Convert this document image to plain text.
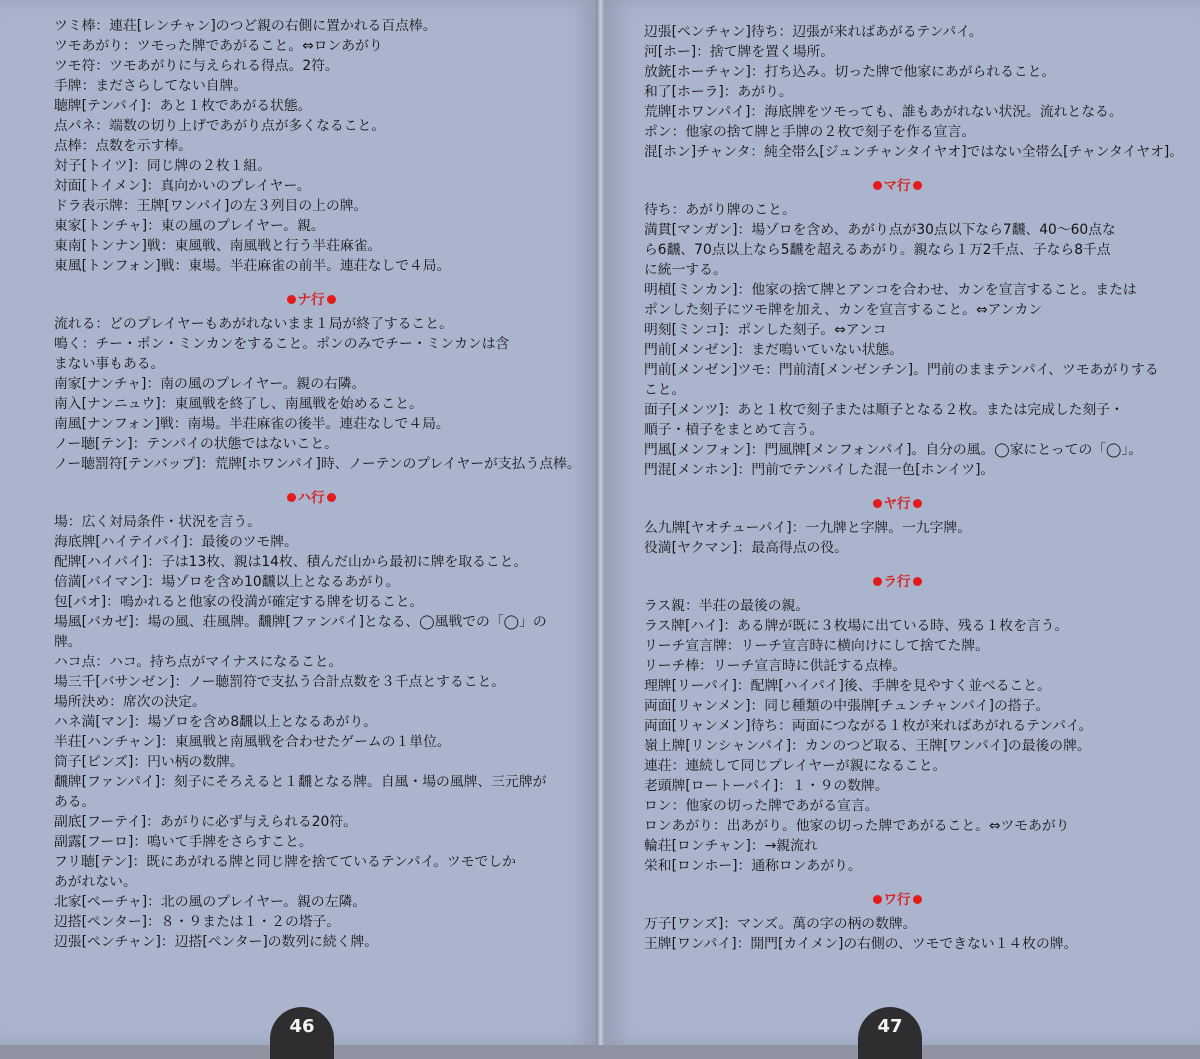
ツミ棒：連荘[レンチャン]のつど親の右側に置かれる百点棒。

ツモあがり：ツモった牌であがること。⇔ロンあがり

ツモ符：ツモあがりに与えられる得点。2符。

手牌：まださらしてない自牌。

聴牌[テンパイ]：あと１枚であがる状態。

点パネ：端数の切り上げであがり点が多くなること。

点棒：点数を示す棒。

対子[トイツ]：同じ牌の２枚１組。

対面[トイメン]：真向かいのプレイヤー。

ドラ表示牌：王牌[ワンパイ]の左３列目の上の牌。

東家[トンチャ]：東の風のプレイヤー。親。

東南[トンナン]戦：東風戦、南風戦と行う半荘麻雀。

東風[トンフォン]戦：東場。半荘麻雀の前半。連荘なしで４局。

ナ行

流れる：どのプレイヤーもあがれないまま１局が終了すること。

鳴く：チー・ポン・ミンカンをすること。ポンのみでチー・ミンカンは含

まない事もある。

南家[ナンチャ]：南の風のプレイヤー。親の右隣。

南入[ナンニュウ]：東風戦を終了し、南風戦を始めること。

南風[ナンフォン]戦：南場。半荘麻雀の後半。連荘なしで４局。

ノー聴[テン]：テンパイの状態ではないこと。

ノー聴罰符[テンバップ]：荒牌[ホワンパイ]時、ノーテンのプレイヤーが支払う点棒。

ハ行

場：広く対局条件・状況を言う。

海底牌[ハイテイパイ]：最後のツモ牌。

配牌[ハイパイ]：子は13枚、親は14枚、積んだ山から最初に牌を取ること。

倍満[バイマン]：場ゾロを含め10飜以上となるあがり。

包[パオ]：鳴かれると他家の役満が確定する牌を切ること。

場風[バカゼ]：場の風、荘風牌。飜牌[ファンパイ]となる、◯風戦での「◯」の

牌。

ハコ点：ハコ。持ち点がマイナスになること。

場三千[バサンゼン]：ノー聴罰符で支払う合計点数を３千点とすること。

場所決め：席次の決定。

ハネ満[マン]：場ゾロを含め8飜以上となるあがり。

半荘[ハンチャン]：東風戦と南風戦を合わせたゲームの１単位。

筒子[ピンズ]：円い柄の数牌。

飜牌[ファンパイ]：刻子にそろえると１飜となる牌。自風・場の風牌、三元牌が

ある。

副底[フーテイ]：あがりに必ず与えられる20符。

副露[フーロ]：鳴いて手牌をさらすこと。

フリ聴[テン]：既にあがれる牌と同じ牌を捨てているテンパイ。ツモでしか

あがれない。

北家[ペーチャ]：北の風のプレイヤー。親の左隣。

辺搭[ペンター]：８・９または１・２の塔子。

辺張[ペンチャン]：辺搭[ペンター]の数列に続く牌。

46

辺張[ペンチャン]待ち：辺張が来ればあがるテンパイ。

河[ホー]：捨て牌を置く場所。

放銃[ホーチャン]：打ち込み。切った牌で他家にあがられること。

和了[ホーラ]：あがり。

荒牌[ホワンパイ]：海底牌をツモっても、誰もあがれない状況。流れとなる。

ポン：他家の捨て牌と手牌の２枚で刻子を作る宣言。

混[ホン]チャンタ：純全帯么[ジュンチャンタイヤオ]ではない全帯么[チャンタイヤオ]。

マ行

待ち：あがり牌のこと。

満貫[マンガン]：場ゾロを含め、あがり点が30点以下なら7飜、40～60点な

ら6飜、70点以上なら5飜を超えるあがり。親なら１万2千点、子なら8千点

に統一する。

明槓[ミンカン]：他家の捨て牌とアンコを合わせ、カンを宣言すること。または

ポンした刻子にツモ牌を加え、カンを宣言すること。⇔アンカン

明刻[ミンコ]：ポンした刻子。⇔アンコ

門前[メンゼン]：まだ鳴いていない状態。

門前[メンゼン]ツモ：門前清[メンゼンチン]。門前のままテンパイ、ツモあがりする

こと。

面子[メンツ]：あと１枚で刻子または順子となる２枚。または完成した刻子・

順子・槓子をまとめて言う。

門風[メンフォン]：門風牌[メンフォンパイ]。自分の風。◯家にとっての「◯」。

門混[メンホン]：門前でテンパイした混一色[ホンイツ]。

ヤ行

么九牌[ヤオチューパイ]：一九牌と字牌。一九字牌。

役満[ヤクマン]：最高得点の役。

ラ行

ラス親：半荘の最後の親。

ラス牌[ハイ]：ある牌が既に３枚場に出ている時、残る１枚を言う。

リーチ宣言牌：リーチ宣言時に横向けにして捨てた牌。

リーチ棒：リーチ宣言時に供託する点棒。

理牌[リーパイ]：配牌[ハイパイ]後、手牌を見やすく並べること。

両面[リャンメン]：同じ種類の中張牌[チュンチャンパイ]の搭子。

両面[リャンメン]待ち：両面につながる１枚が来ればあがれるテンパイ。

嶺上牌[リンシャンパイ]：カンのつど取る、王牌[ワンパイ]の最後の牌。

連荘：連続して同じプレイヤーが親になること。

老頭牌[ロートーパイ]：１・９の数牌。

ロン：他家の切った牌であがる宣言。

ロンあがり：出あがり。他家の切った牌であがること。⇔ツモあがり

輪荘[ロンチャン]：→親流れ

栄和[ロンホー]：通称ロンあがり。

ワ行

万子[ワンズ]：マンズ。萬の字の柄の数牌。

王牌[ワンパイ]：開門[カイメン]の右側の、ツモできない１４枚の牌。

47
